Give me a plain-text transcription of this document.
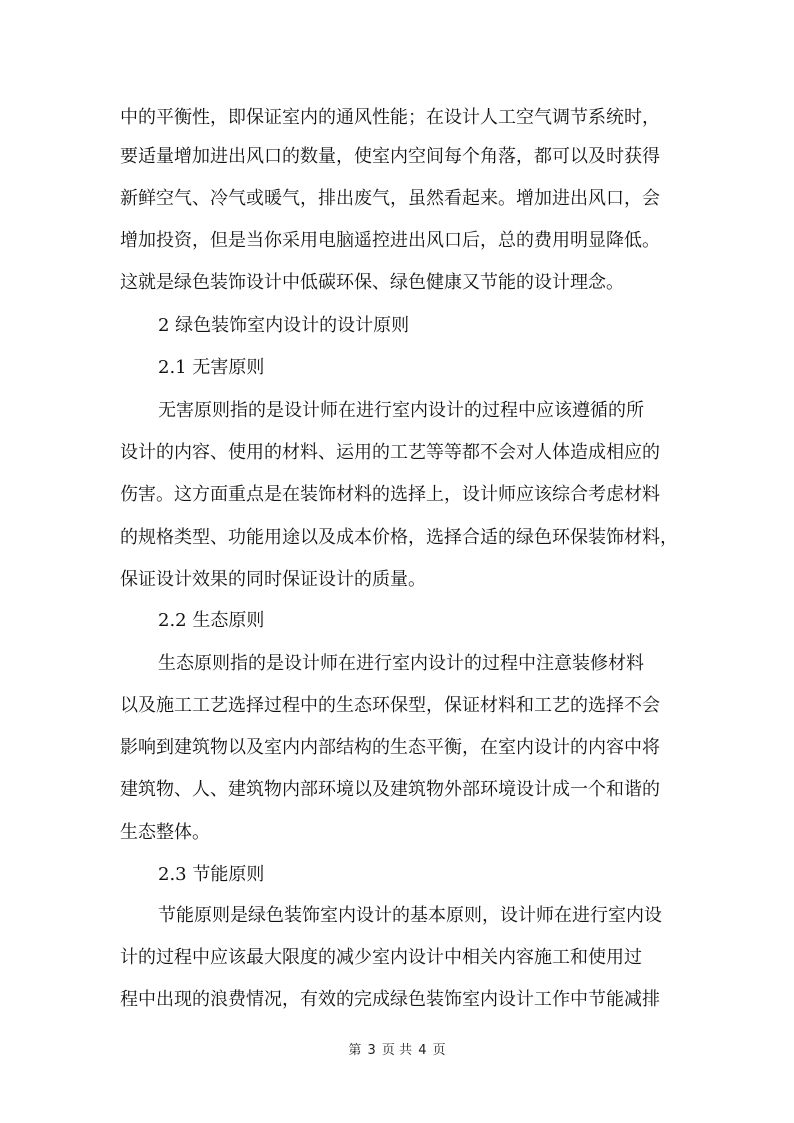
中的平衡性，即保证室内的通风性能；在设计人工空气调节系统时，
要适量增加进出风口的数量，使室内空间每个角落，都可以及时获得
新鲜空气、冷气或暖气，排出废气，虽然看起来。增加进出风口，会
增加投资，但是当你采用电脑遥控进出风口后，总的费用明显降低。
这就是绿色装饰设计中低碳环保、绿色健康又节能的设计理念。
2 绿色装饰室内设计的设计原则
2.1 无害原则
无害原则指的是设计师在进行室内设计的过程中应该遵循的所
设计的内容、使用的材料、运用的工艺等等都不会对人体造成相应的
伤害。这方面重点是在装饰材料的选择上，设计师应该综合考虑材料
的规格类型、功能用途以及成本价格，选择合适的绿色环保装饰材料，
保证设计效果的同时保证设计的质量。
2.2 生态原则
生态原则指的是设计师在进行室内设计的过程中注意装修材料
以及施工工艺选择过程中的生态环保型，保证材料和工艺的选择不会
影响到建筑物以及室内内部结构的生态平衡，在室内设计的内容中将
建筑物、人、建筑物内部环境以及建筑物外部环境设计成一个和谐的
生态整体。
2.3 节能原则
节能原则是绿色装饰室内设计的基本原则，设计师在进行室内设
计的过程中应该最大限度的减少室内设计中相关内容施工和使用过
程中出现的浪费情况，有效的完成绿色装饰室内设计工作中节能减排
第 3 页 共 4 页
